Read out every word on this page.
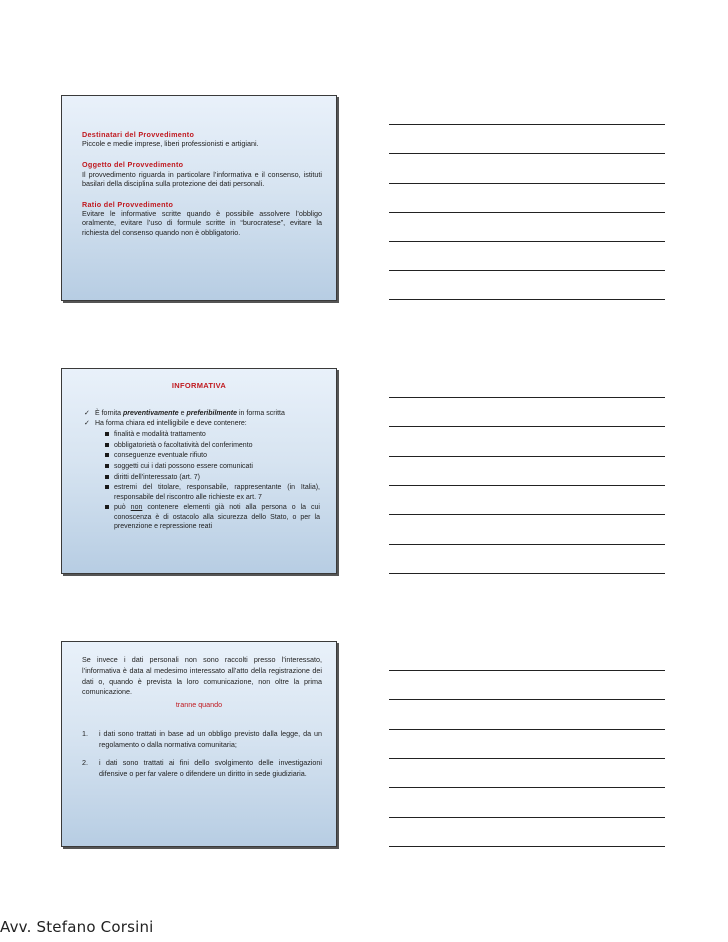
Destinatari del Provvedimento
Piccole e medie imprese, liberi professionisti e artigiani.
Oggetto del Provvedimento
Il provvedimento riguarda in particolare l’informativa e il consenso, istituti basilari della disciplina sulla protezione dei dati personali.
Ratio del Provvedimento
Evitare le informative scritte quando è possibile assolvere l’obbligo oralmente, evitare l’uso di formule scritte in “burocratese”, evitare la richiesta del consenso quando non è obbligatorio.
INFORMATIVA
✓ È fornita preventivamente e preferibilmente in forma scritta
✓ Ha forma chiara ed intelligibile e deve contenere:
finalità e modalità trattamento
obbligatorietà o facoltatività del conferimento
conseguenze eventuale rifiuto
soggetti cui i dati possono essere comunicati
diritti dell’interessato (art. 7)
estremi del titolare, responsabile, rappresentante (in Italia), responsabile del riscontro alle richieste ex art. 7
può non contenere elementi già noti alla persona o la cui conoscenza è di ostacolo alla sicurezza dello Stato, o per la prevenzione e repressione reati
Se invece i dati personali non sono raccolti presso l’interessato, l’informativa è data al medesimo interessato all’atto della registrazione dei dati o, quando è prevista la loro comunicazione, non oltre la prima comunicazione.
tranne quando
1. i dati sono trattati in base ad un obbligo previsto dalla legge, da un regolamento o dalla normativa comunitaria;
2. i dati sono trattati ai fini dello svolgimento delle investigazioni difensive o per far valere o difendere un diritto in sede giudiziaria.
Avv. Stefano Corsini
